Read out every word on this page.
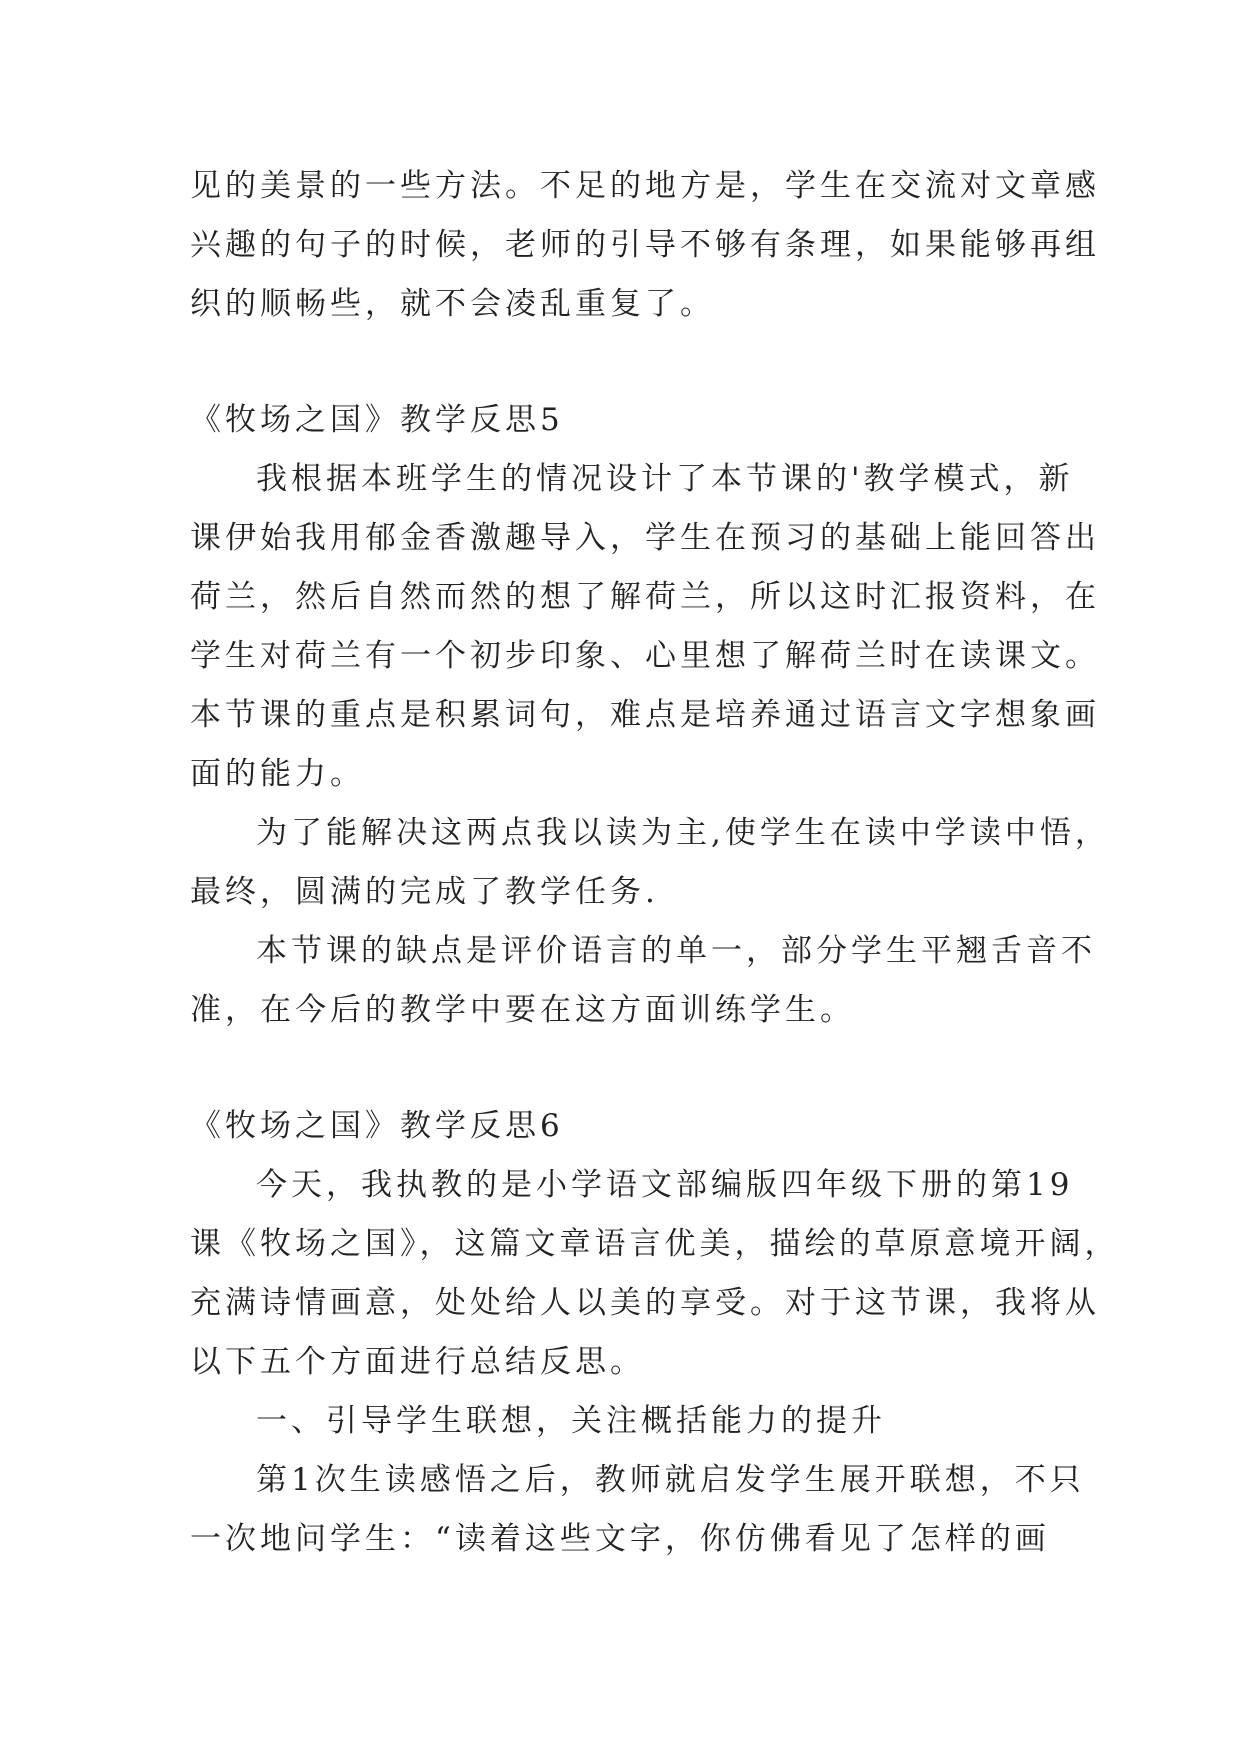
见的美景的一些方法。不足的地方是，学生在交流对文章感
兴趣的句子的时候，老师的引导不够有条理，如果能够再组
织的顺畅些，就不会凌乱重复了。
《牧场之国》教学反思5
我根据本班学生的情况设计了本节课的'教学模式，新
课伊始我用郁金香激趣导入，学生在预习的基础上能回答出
荷兰，然后自然而然的想了解荷兰，所以这时汇报资料，在
学生对荷兰有一个初步印象、心里想了解荷兰时在读课文。
本节课的重点是积累词句，难点是培养通过语言文字想象画
面的能力。
为了能解决这两点我以读为主,使学生在读中学读中悟，
最终，圆满的完成了教学任务.
本节课的缺点是评价语言的单一，部分学生平翘舌音不
准，在今后的教学中要在这方面训练学生。
《牧场之国》教学反思6
今天，我执教的是小学语文部编版四年级下册的第19
课《牧场之国》，这篇文章语言优美，描绘的草原意境开阔，
充满诗情画意，处处给人以美的享受。对于这节课，我将从
以下五个方面进行总结反思。
一、引导学生联想，关注概括能力的提升
第1次生读感悟之后，教师就启发学生展开联想，不只
一次地问学生：“读着这些文字，你仿佛看见了怎样的画
